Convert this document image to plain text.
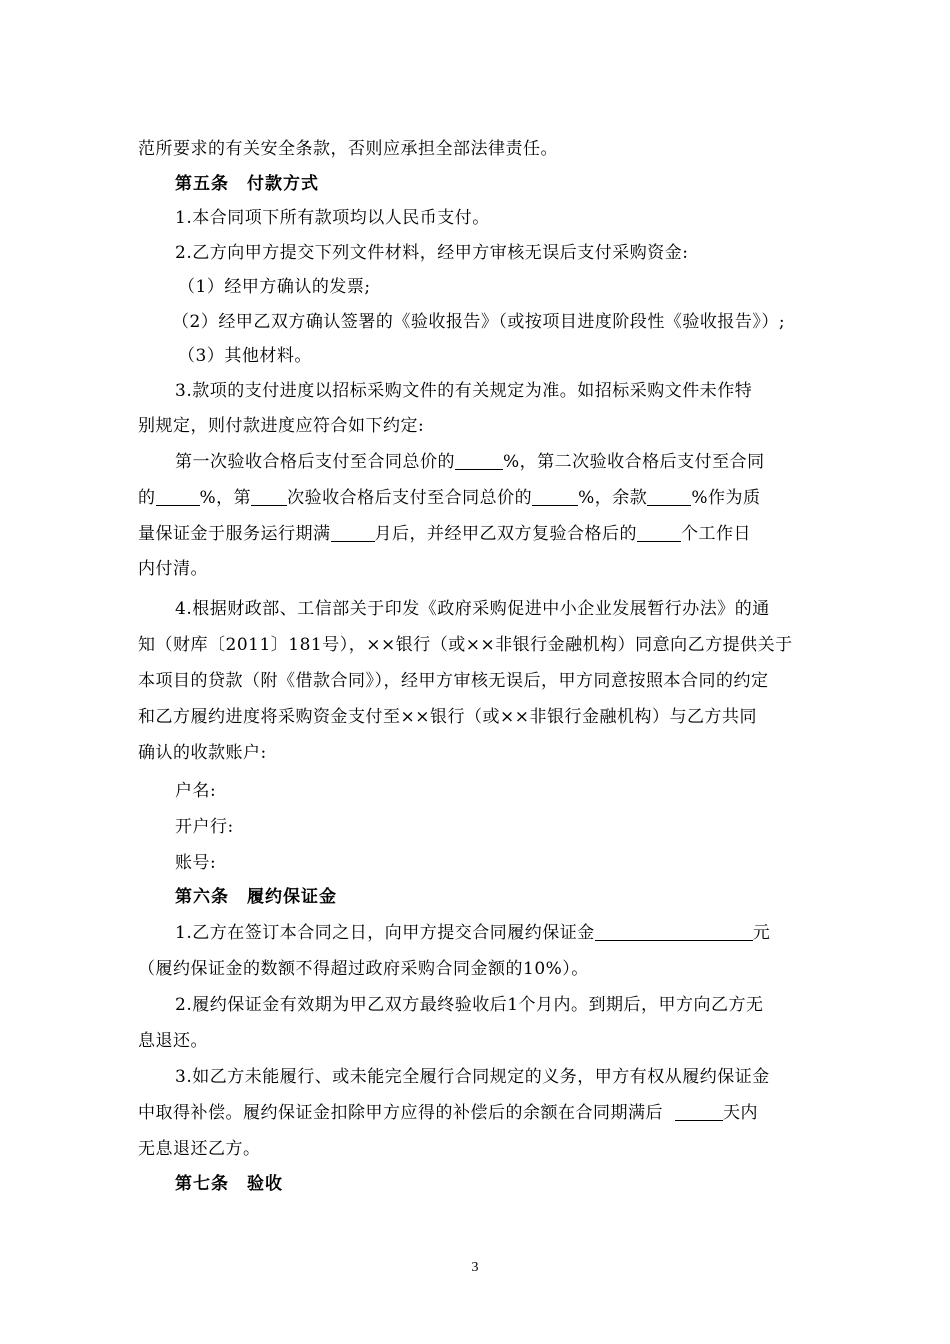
范所要求的有关安全条款，否则应承担全部法律责任。
第五条　付款方式
1.本合同项下所有款项均以人民币支付。
2.乙方向甲方提交下列文件材料，经甲方审核无误后支付采购资金:
（1）经甲方确认的发票;
（2）经甲乙双方确认签署的《验收报告》（或按项目进度阶段性《验收报告》）;
（3）其他材料。
3.款项的支付进度以招标采购文件的有关规定为准。如招标采购文件未作特
别规定，则付款进度应符合如下约定:
第一次验收合格后支付至合同总价的	%，第二次验收合格后支付至合同
的	%，第 次验收合格后支付至合同总价的	%，余款	%作为质
量保证金于服务运行期满	月后，并经甲乙双方复验合格后的	个工作日
内付清。
4.根据财政部、工信部关于印发《政府采购促进中小企业发展暂行办法》的通
知（财库〔2011〕181号），××银行（或××非银行金融机构）同意向乙方提供关于
本项目的贷款（附《借款合同》），经甲方审核无误后，甲方同意按照本合同的约定
和乙方履约进度将采购资金支付至××银行（或××非银行金融机构）与乙方共同
确认的收款账户:
户名:
开户行:
账号:
第六条　履约保证金
1.乙方在签订本合同之日，向甲方提交合同履约保证金	元
（履约保证金的数额不得超过政府采购合同金额的10%）。
2.履约保证金有效期为甲乙双方最终验收后1个月内。到期后，甲方向乙方无
息退还。
3.如乙方未能履行、或未能完全履行合同规定的义务，甲方有权从履约保证金
中取得补偿。履约保证金扣除甲方应得的补偿后的余额在合同期满后	天内
无息退还乙方。
第七条　验收
3
